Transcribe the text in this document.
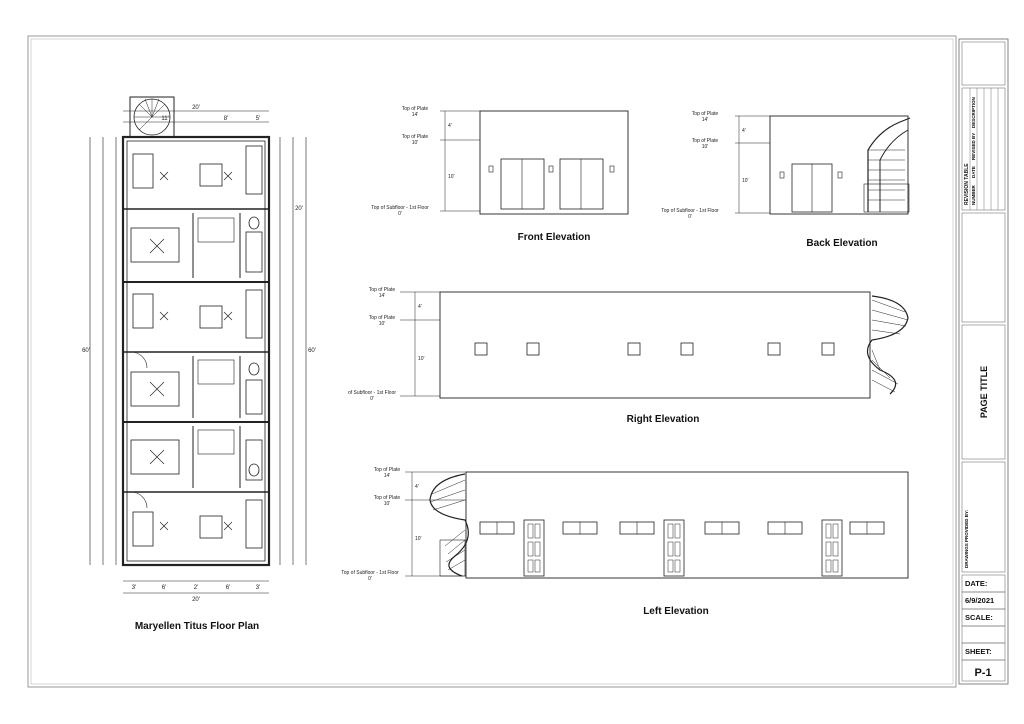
20'
8'	5'
11'
3'	6'	2'	6'	3'
20'
60'	60'
20'
Maryellen Titus Floor Plan
Top of Plate
14'
Top of Plate
10'
Top of Subfloor - 1st Floor
0'
4'
10'
Front Elevation
Top of Plate
14'
Top of Plate
10'
Top of Subfloor - 1st Floor
0'
4'
10'
Back Elevation
Top of Plate
14'
Top of Plate
10'
of Subfloor - 1st Floor
0'
4'
10'
Right Elevation
Top of Plate
14'
Top of Plate
10'
Top of Subfloor - 1st Floor
0'
4'
10'
Left Elevation
REVISION TABLE NUMBER
DATE
REVISED BY
DESCRIPTION
PAGE TITLE
DRAWINGS PROVIDED BY:
DATE:
6/9/2021
SCALE:
SHEET:
P-1
